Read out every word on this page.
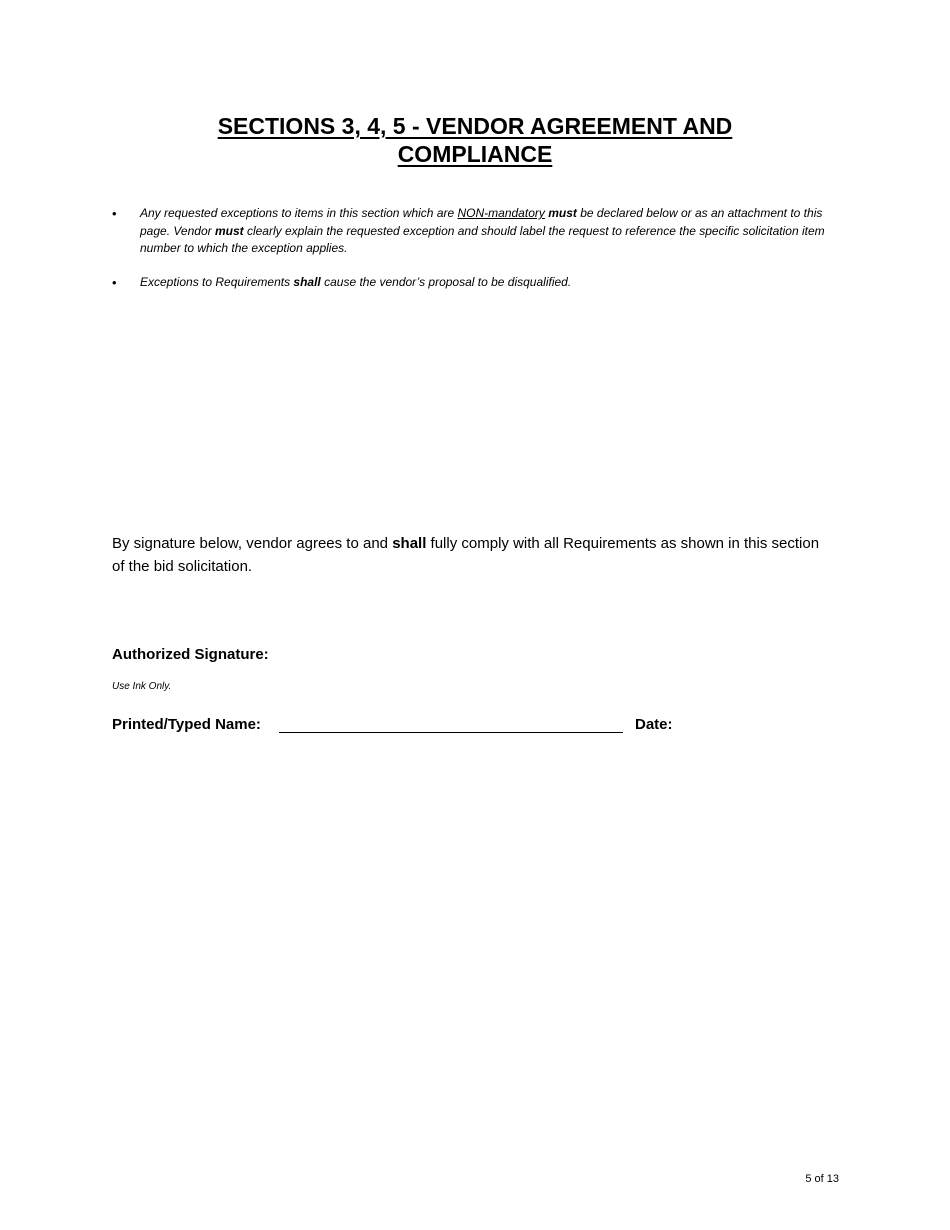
SECTIONS 3, 4, 5 - VENDOR AGREEMENT AND
COMPLIANCE
• Any requested exceptions to items in this section which are NON-mandatory must be declared below or as an attachment to this page. Vendor must clearly explain the requested exception and should label the request to reference the specific solicitation item number to which the exception applies.
• Exceptions to Requirements shall cause the vendor’s proposal to be disqualified.

By signature below, vendor agrees to and shall fully comply with all Requirements as shown in this section of the bid solicitation.

Authorized Signature:
Use Ink Only.
Printed/Typed Name:	Date:
5 of 13
